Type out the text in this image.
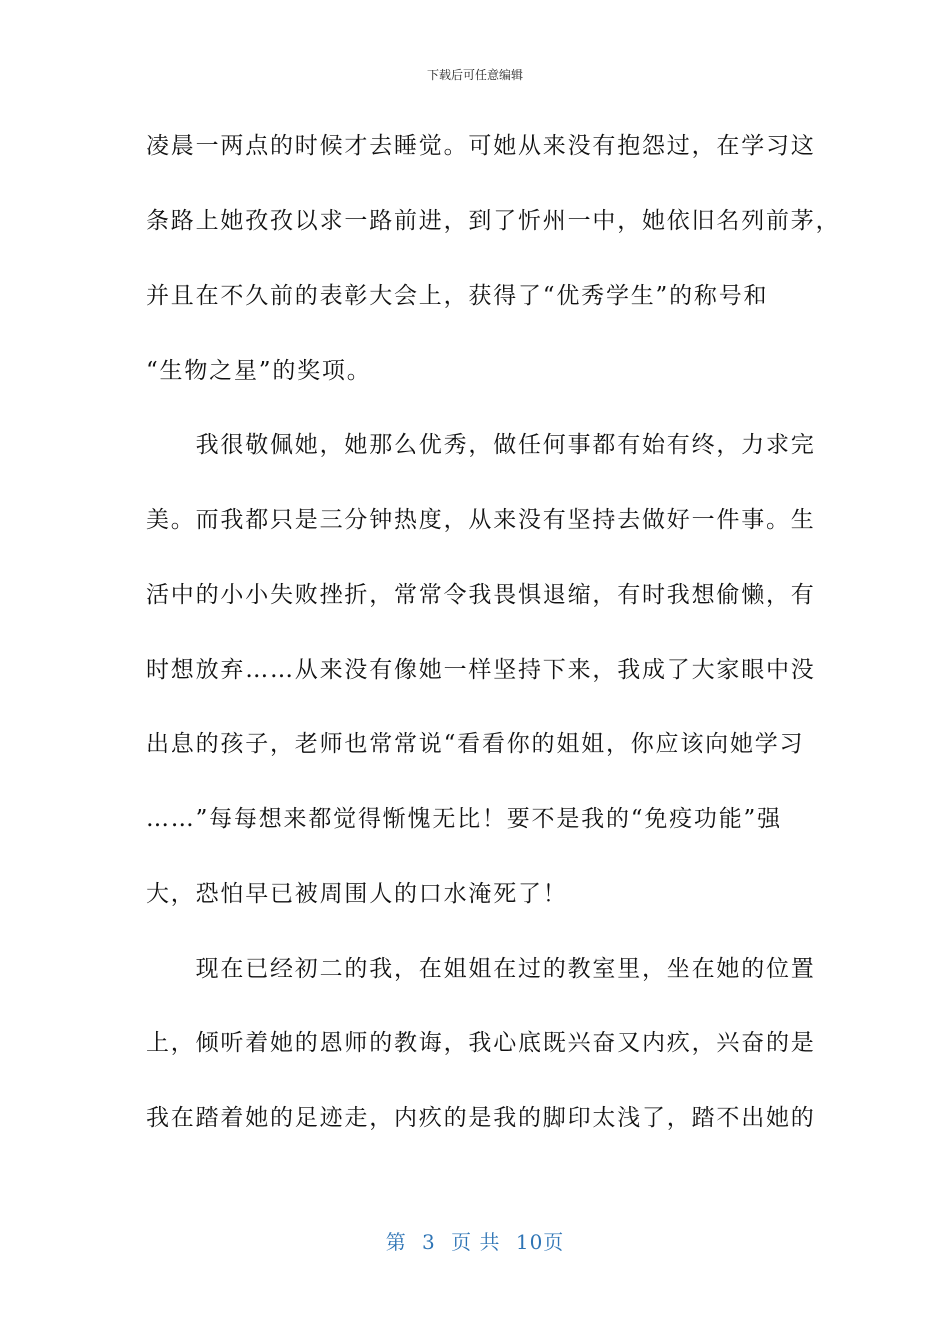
下载后可任意编辑
凌晨一两点的时候才去睡觉。可她从来没有抱怨过，在学习这
条路上她孜孜以求一路前进，到了忻州一中，她依旧名列前茅，
并且在不久前的表彰大会上，获得了“优秀学生”的称号和
“生物之星”的奖项。
　　我很敬佩她，她那么优秀，做任何事都有始有终，力求完
美。而我都只是三分钟热度，从来没有坚持去做好一件事。生
活中的小小失败挫折，常常令我畏惧退缩，有时我想偷懒，有
时想放弃……从来没有像她一样坚持下来，我成了大家眼中没
出息的孩子，老师也常常说“看看你的姐姐，你应该向她学习
……”每每想来都觉得惭愧无比！要不是我的“免疫功能”强
大，恐怕早已被周围人的口水淹死了！
　　现在已经初二的我，在姐姐在过的教室里，坐在她的位置
上，倾听着她的恩师的教诲，我心底既兴奋又内疚，兴奋的是
我在踏着她的足迹走，内疚的是我的脚印太浅了，踏不出她的
第 3 页 共 10页
